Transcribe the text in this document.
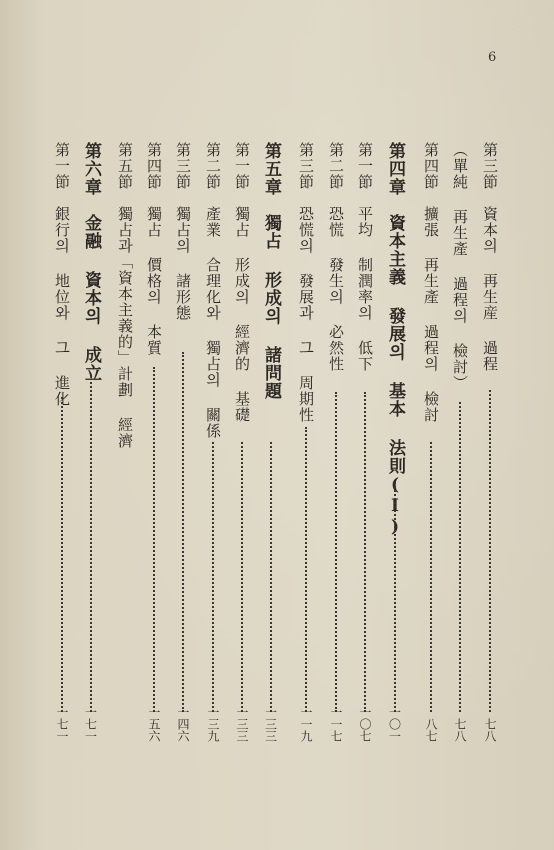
6
第三節　資本의 再生産 過程
七八
（單純 再生產 過程의 檢討）
七八
第四節　擴張 再生產 過程의 檢討
八七
第四章　資本主義 發展의 基本 法則(I)
一〇一
第一節　平均 制潤率의 低下
一〇七
第二節　恐慌 發生의 必然性
一一七
第三節　恐慌의 發展과 그 周期性
一一九
第五章　獨占 形成의 諸問題
一三三
第一節　獨占 形成의 經濟的 基礎
一三三
第二節　產業 合理化와 獨占의 關係
一三九
第三節　獨占의 諸形態
一四六
第四節　獨占 價格의 本質
一五六
第五節　獨占과「資本主義的」計劃 經濟
第六章　金融 資本의 成立
一七一
第一節　銀行의 地位와 그 進化
一七一
